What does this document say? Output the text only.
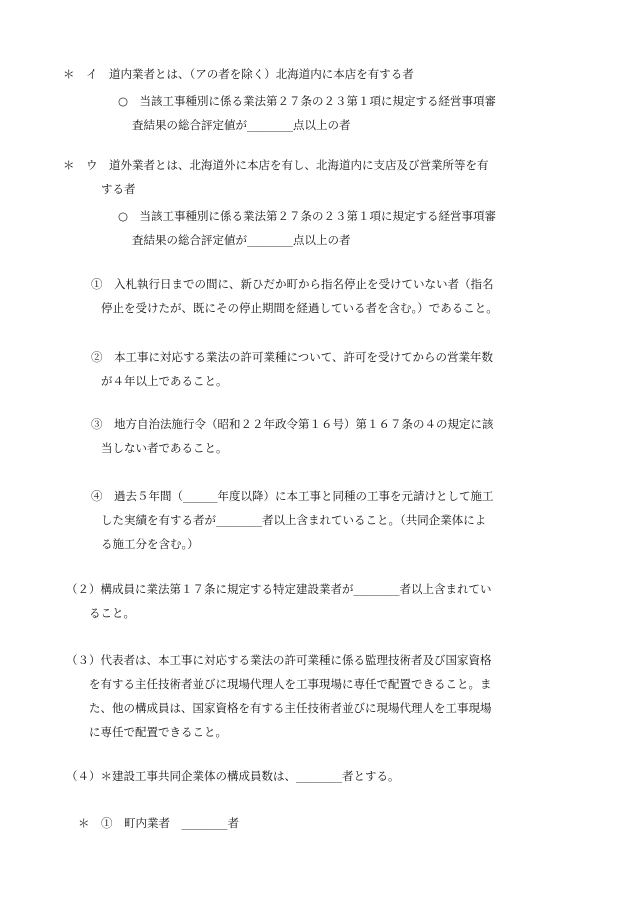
＊　イ　道内業者とは、（アの者を除く）北海道内に本店を有する者
○　当該工事種別に係る業法第２７条の２３第１項に規定する経営事項審
査結果の総合評定値が________点以上の者
＊　ウ　道外業者とは、北海道外に本店を有し、北海道内に支店及び営業所等を有
する者
○　当該工事種別に係る業法第２７条の２３第１項に規定する経営事項審
査結果の総合評定値が________点以上の者
①　入札執行日までの間に、新ひだか町から指名停止を受けていない者（指名
停止を受けたが、既にその停止期間を経過している者を含む。）であること。
②　本工事に対応する業法の許可業種について、許可を受けてからの営業年数
が４年以上であること。
③　地方自治法施行令（昭和２２年政令第１６号）第１６７条の４の規定に該
当しない者であること。
④　過去５年間（______年度以降）に本工事と同種の工事を元請けとして施工
した実績を有する者が________者以上含まれていること。（共同企業体によ
る施工分を含む。）
（２）構成員に業法第１７条に規定する特定建設業者が________者以上含まれてい
ること。
（３）代表者は、本工事に対応する業法の許可業種に係る監理技術者及び国家資格
を有する主任技術者並びに現場代理人を工事現場に専任で配置できること。ま
た、他の構成員は、国家資格を有する主任技術者並びに現場代理人を工事現場
に専任で配置できること。
（４）＊建設工事共同企業体の構成員数は、________者とする。
＊　①　町内業者　________者
